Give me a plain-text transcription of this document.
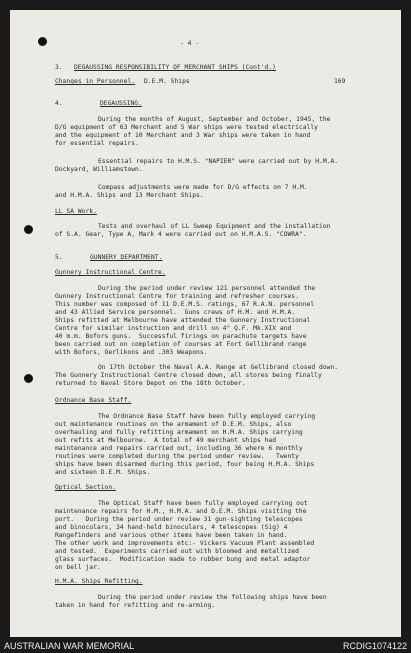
- 4 -
3. DEGAUSSING RESPONSIBILITY OF MERCHANT SHIPS (Cont'd.)
Changes in Personnel. D.E.M. Ships	169
4.	DEGAUSSING.
During the months of August, September and October, 1945, the
D/G equipment of 63 Merchant and 5 War ships were tested electrically
and the equipment of 10 Merchant and 3 War ships were taken in hand
for essential repairs.
Essential repairs to H.M.S. "NAPIER" were carried out by H.M.A.
Dockyard, Williamstown.
Compass adjustments were made for D/G effects on 7 H.M.
and H.M.A. Ships and 13 Merchant Ships.
LL SA Work.
Tests and overhaul of LL Sweep Equipment and the installation
of S.A. Gear, Type A, Mark 4 were carried out on H.M.A.S. "COWRA".
5.	GUNNERY DEPARTMENT.
Gunnery Instructional Centre.
During the period under review 121 personnel attended the
Gunnery Instructional Centre for training and refresher courses.
This number was composed of 11 D.E.M.S. ratings, 67 R.A.N. personnel
and 43 Allied Service personnel.  Guns crews of H.M. and H.M.A.
Ships refitted at Melbourne have attended the Gunnery Instructional
Centre for similar instruction and drill on 4" Q.F. Mk.XIX and
40 m.m. Bofors guns.  Successful firings on parachute targets have
been carried out on completion of courses at Fort Gellibrand range
with Bofors, Oerlikons and .303 Weapons.
On 17th October the Naval A.A. Range at Gellibrand closed down.
The Gunnery Instructional Centre closed down, all stores being finally
returned to Naval Store Depot on the 18th October.
Ordnance Base Staff.
The Ordnance Base Staff have been fully employed carrying
out maintenance routines on the armament of D.E.M. Ships, also
overhauling and fully refitting armament on H.M.A. Ships carrying
out refits at Melbourne.  A total of 49 merchant ships had
maintenance and repairs carried out, including 36 where 6 monthly
routines were completed during the period under review.   Twenty
ships have been disarmed during this period, four being H.M.A. Ships
and sixteen D.E.M. Ships.
Optical Section.
The Optical Staff have been fully employed carrying out
maintenance repairs for H.M., H.M.A. and D.E.M. Ships visiting the
port.   During the period under review 31 gun-sighting telescopes
and binoculars, 34 hand-held binoculars, 4 telescopes (Sig) 4
Rangefinders and various other items have been taken in hand.
The other work and improvements etc:- Vickers Vacuum Plant assembled
and tested.  Experiments carried out with bloomed and metallized
glass surfaces.  Modification made to rubber bung and metal adaptor
on bell jar.
H.M.A. Ships Refitting.
During the period under review the following ships have been
taken in hand for refitting and re-arming.
AUSTRALIAN WAR MEMORIAL	RCDIG1074122
